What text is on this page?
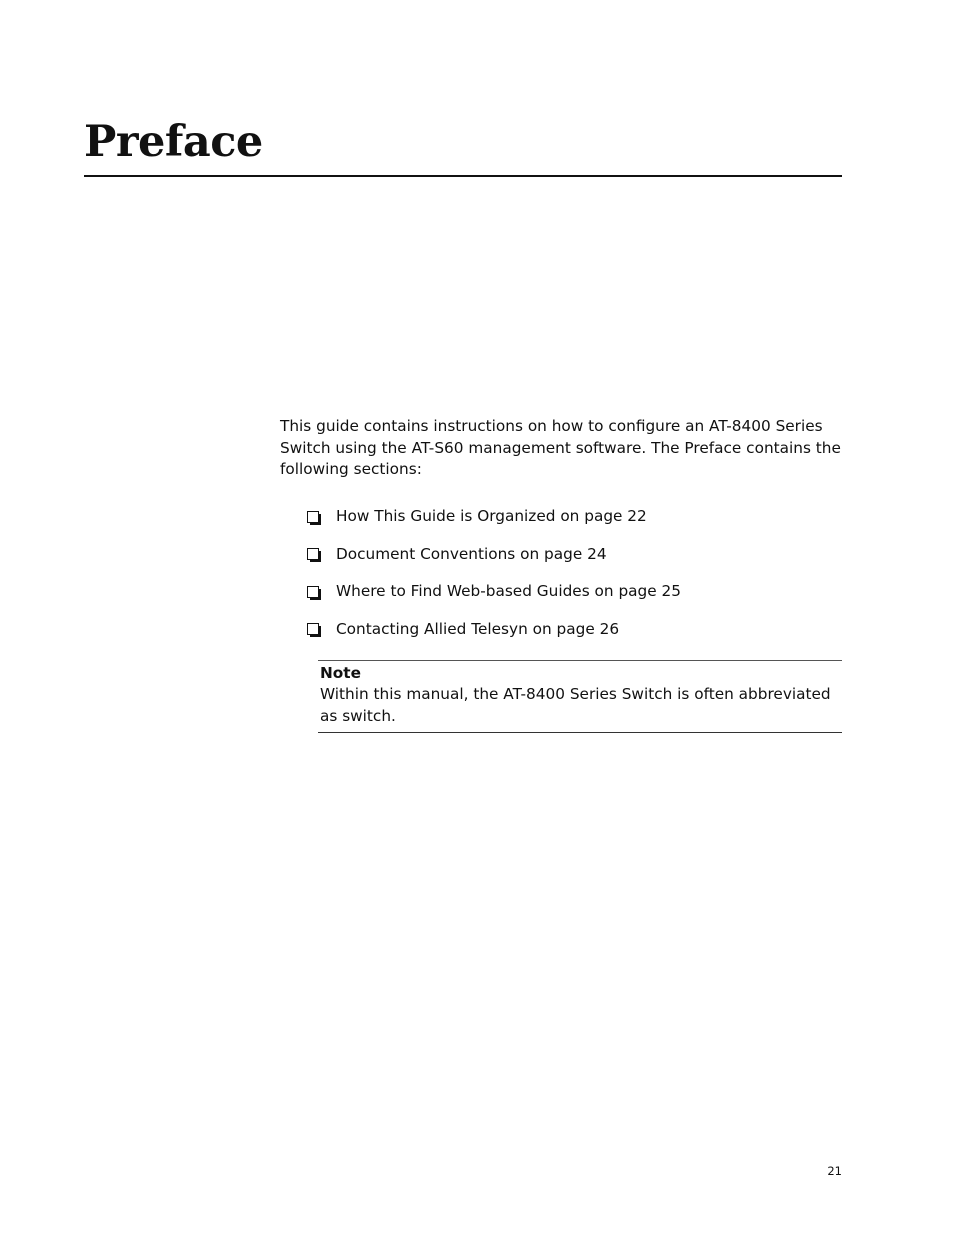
Preface

This guide contains instructions on how to configure an AT-8400 Series Switch using the AT-S60 management software. The Preface contains the following sections:

How This Guide is Organized on page 22
Document Conventions on page 24
Where to Find Web-based Guides on page 25
Contacting Allied Telesyn on page 26
Note
Within this manual, the AT-8400 Series Switch is often abbreviated as switch.
21
